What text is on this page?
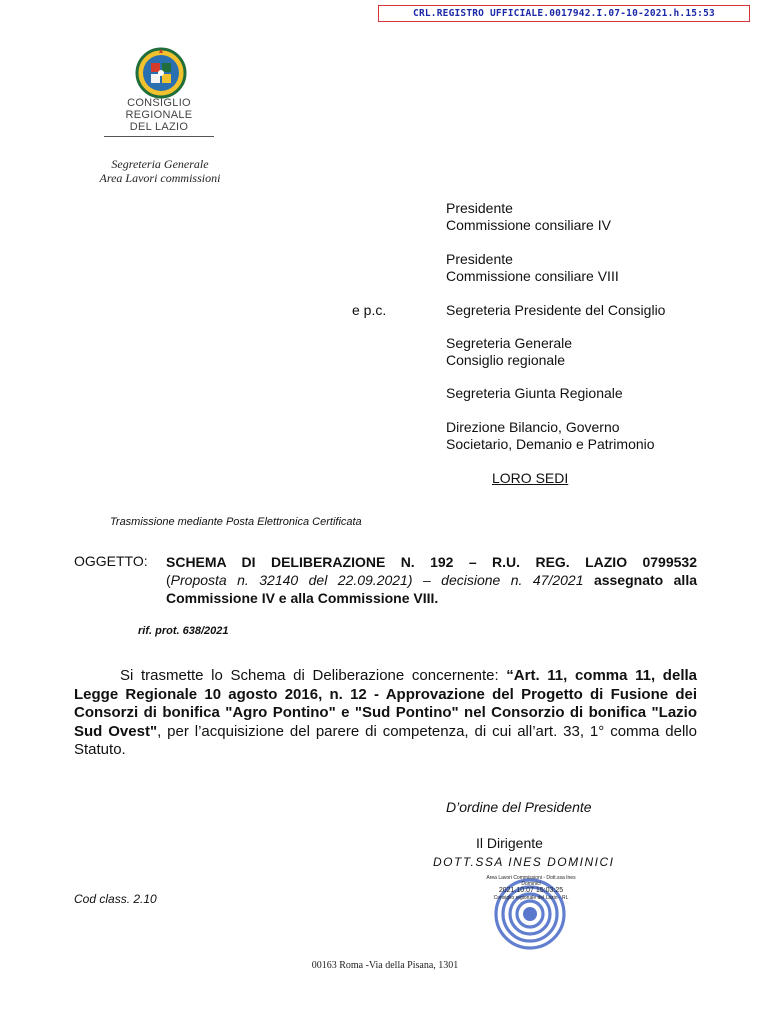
CRL.REGISTRO UFFICIALE.0017942.I.07-10-2021.h.15:53
CONSIGLIO
REGIONALE
DEL LAZIO
Segreteria Generale
Area Lavori commissioni
Presidente
Commissione consiliare IV
Presidente
Commissione consiliare VIII
e p.c.	Segreteria Presidente del Consiglio
Segreteria Generale
Consiglio regionale
Segreteria Giunta Regionale
Direzione Bilancio, Governo
Societario, Demanio e Patrimonio
LORO SEDI
Trasmissione mediante Posta Elettronica Certificata
OGGETTO: SCHEMA DI DELIBERAZIONE N. 192 – R.U. REG. LAZIO 0799532
(Proposta n. 32140 del 22.09.2021) – decisione n. 47/2021 assegnato alla Commissione IV e alla Commissione VIII.
rif. prot. 638/2021
Si trasmette lo Schema di Deliberazione concernente: “Art. 11, comma 11, della Legge Regionale 10 agosto 2016, n. 12 - Approvazione del Progetto di Fusione dei Consorzi di bonifica "Agro Pontino" e "Sud Pontino" nel Consorzio di bonifica "Lazio Sud Ovest", per l’acquisizione del parere di competenza, di cui all’art. 33, 1° comma dello Statuto.
D’ordine del Presidente
Il Dirigente
DOTT.SSA INES DOMINICI
Cod class. 2.10
Area Lavori Commissioni - Dott.ssa Ines Dominici
2021.10.07 15:03:25
Consiglio regionale del Lazio - RL
00163 Roma -Via della Pisana, 1301
